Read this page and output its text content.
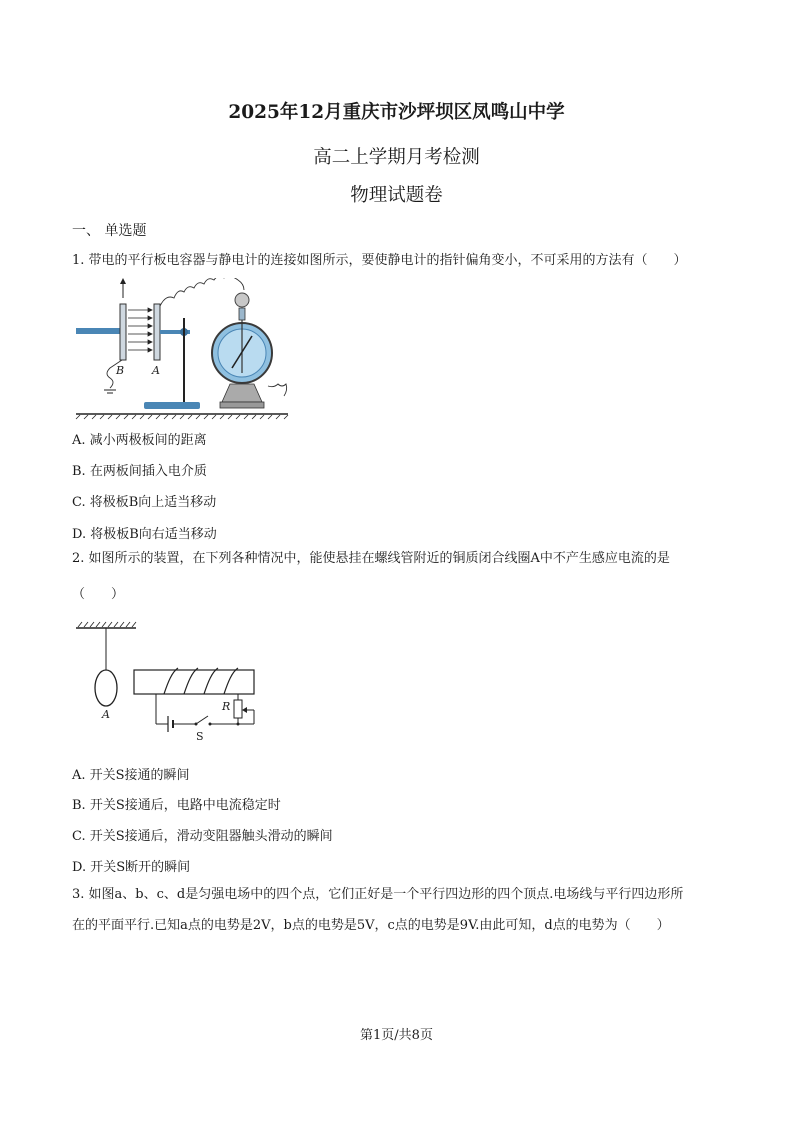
2025年12月重庆市沙坪坝区凤鸣山中学
高二上学期月考检测
物理试题卷
一、 单选题
1. 带电的平行板电容器与静电计的连接如图所示，要使静电计的指针偏角变小，不可采用的方法有（　　）
B	A
A. 减小两极板间的距离
B. 在两板间插入电介质
C. 将极板B向上适当移动
D. 将极板B向右适当移动
2. 如图所示的装置，在下列各种情况中，能使悬挂在螺线管附近的铜质闭合线圈A中不产生感应电流的是
（　　）
A
R
S
A. 开关S接通的瞬间
B. 开关S接通后，电路中电流稳定时
C. 开关S接通后，滑动变阻器触头滑动的瞬间
D. 开关S断开的瞬间
3. 如图a、b、c、d是匀强电场中的四个点，它们正好是一个平行四边形的四个顶点.电场线与平行四边形所
在的平面平行.已知a点的电势是2V，b点的电势是5V，c点的电势是9V.由此可知，d点的电势为（　　）
第1页/共8页
